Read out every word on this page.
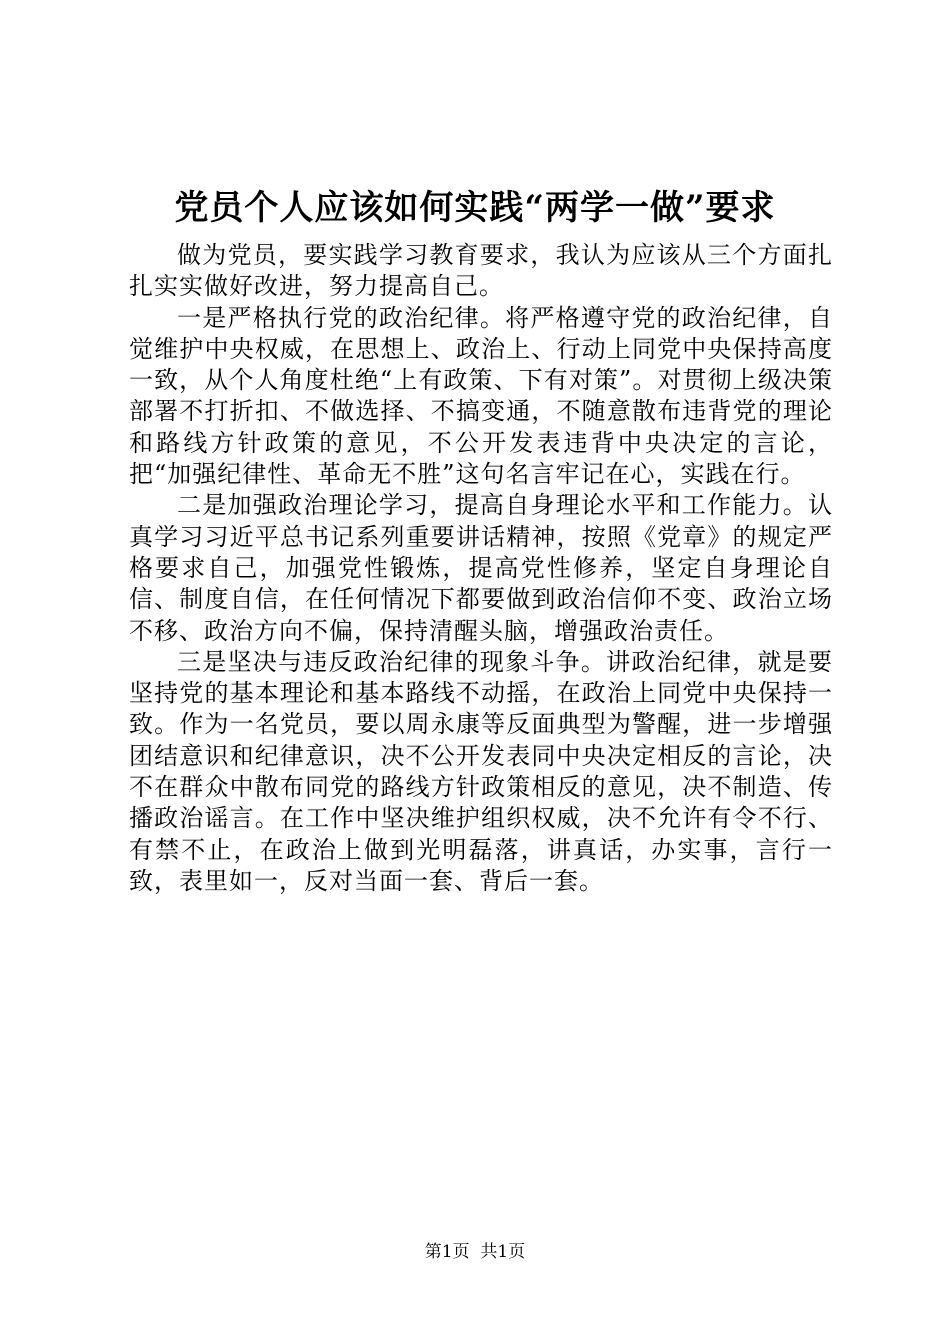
党员个人应该如何实践“两学一做”要求

做为党员，要实践学习教育要求，我认为应该从三个方面扎扎实实做好改进，努力提高自己。

一是严格执行党的政治纪律。将严格遵守党的政治纪律，自觉维护中央权威，在思想上、政治上、行动上同党中央保持高度一致，从个人角度杜绝“上有政策、下有对策”。对贯彻上级决策部署不打折扣、不做选择、不搞变通，不随意散布违背党的理论和路线方针政策的意见，不公开发表违背中央决定的言论，把“加强纪律性、革命无不胜”这句名言牢记在心，实践在行。

二是加强政治理论学习，提高自身理论水平和工作能力。认真学习习近平总书记系列重要讲话精神，按照《党章》的规定严格要求自己，加强党性锻炼，提高党性修养，坚定自身理论自信、制度自信，在任何情况下都要做到政治信仰不变、政治立场不移、政治方向不偏，保持清醒头脑，增强政治责任。

三是坚决与违反政治纪律的现象斗争。讲政治纪律，就是要坚持党的基本理论和基本路线不动摇，在政治上同党中央保持一致。作为一名党员，要以周永康等反面典型为警醒，进一步增强团结意识和纪律意识，决不公开发表同中央决定相反的言论，决不在群众中散布同党的路线方针政策相反的意见，决不制造、传播政治谣言。在工作中坚决维护组织权威，决不允许有令不行、有禁不止，在政治上做到光明磊落，讲真话，办实事，言行一致，表里如一，反对当面一套、背后一套。

第1页  共1页
